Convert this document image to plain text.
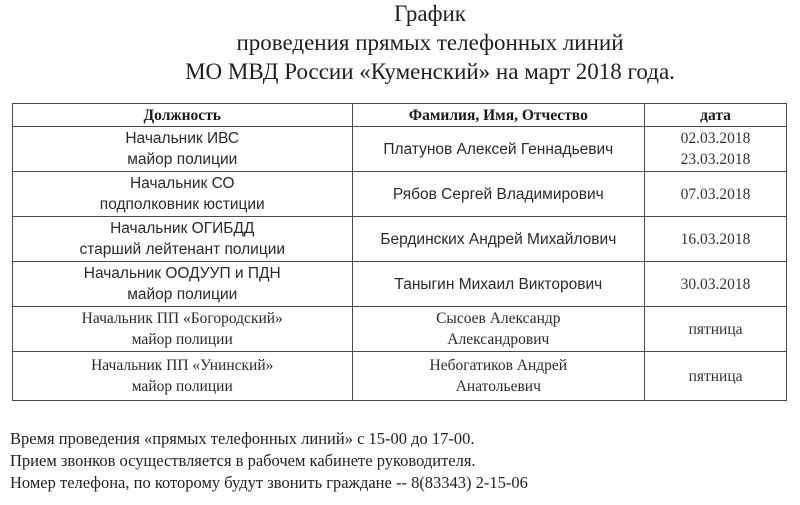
График
проведения прямых телефонных линий
МО МВД России «Куменский» на март 2018 года.
Должность	Фамилия, Имя, Отчество	дата

Начальник ИВС
майор полиции	Платунов Алексей Геннадьевич	02.03.2018
23.03.2018

Начальник СО
подполковник юстиции	Рябов Сергей Владимирович	07.03.2018

Начальник ОГИБДД
старший лейтенант полиции	Бердинских Андрей Михайлович	16.03.2018

Начальник ООДУУП и ПДН
майор полиции	Таныгин Михаил Викторович	30.03.2018

Начальник ПП «Богородский»
майор полиции	Сысоев Александр
Александрович	пятница

Начальник ПП «Унинский»
майор полиции	Небогатиков Андрей
Анатольевич	пятница
Время проведения «прямых телефонных линий» с 15-00 до 17-00.
Прием звонков осуществляется в рабочем кабинете руководителя.
Номер телефона, по которому будут звонить граждане -- 8(83343) 2-15-06
